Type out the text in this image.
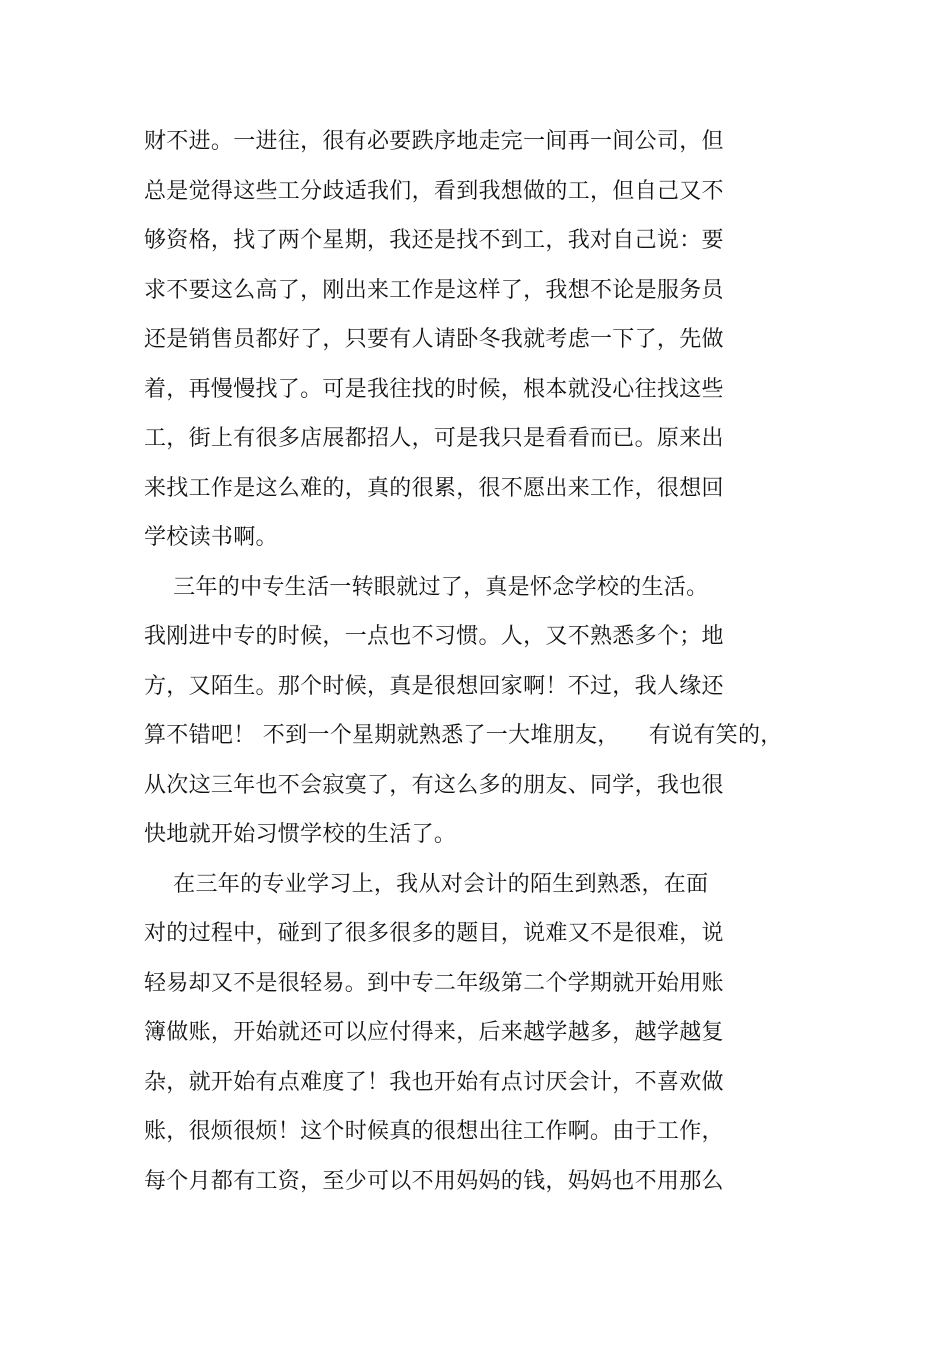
财不进。一进往，很有必要跌序地走完一间再一间公司，但
总是觉得这些工分歧适我们，看到我想做的工，但自己又不
够资格，找了两个星期，我还是找不到工，我对自己说：要
求不要这么高了，刚出来工作是这样了，我想不论是服务员
还是销售员都好了，只要有人请卧冬我就考虑一下了，先做
着，再慢慢找了。可是我往找的时候，根本就没心往找这些
工，街上有很多店展都招人，可是我只是看看而已。原来出
来找工作是这么难的，真的很累，很不愿出来工作，很想回
学校读书啊。
三年的中专生活一转眼就过了，真是怀念学校的生活。
我刚进中专的时候，一点也不习惯。人，又不熟悉多个；地
方，又陌生。那个时候，真是很想回家啊！不过，我人缘还
算不错吧！ 不到一个星期就熟悉了一大堆朋友，    有说有笑的，
从次这三年也不会寂寞了，有这么多的朋友、同学，我也很
快地就开始习惯学校的生活了。
在三年的专业学习上，我从对会计的陌生到熟悉，在面
对的过程中，碰到了很多很多的题目，说难又不是很难，说
轻易却又不是很轻易。到中专二年级第二个学期就开始用账
簿做账，开始就还可以应付得来，后来越学越多，越学越复
杂，就开始有点难度了！我也开始有点讨厌会计，不喜欢做
账，很烦很烦！这个时候真的很想出往工作啊。由于工作，
每个月都有工资，至少可以不用妈妈的钱，妈妈也不用那么
